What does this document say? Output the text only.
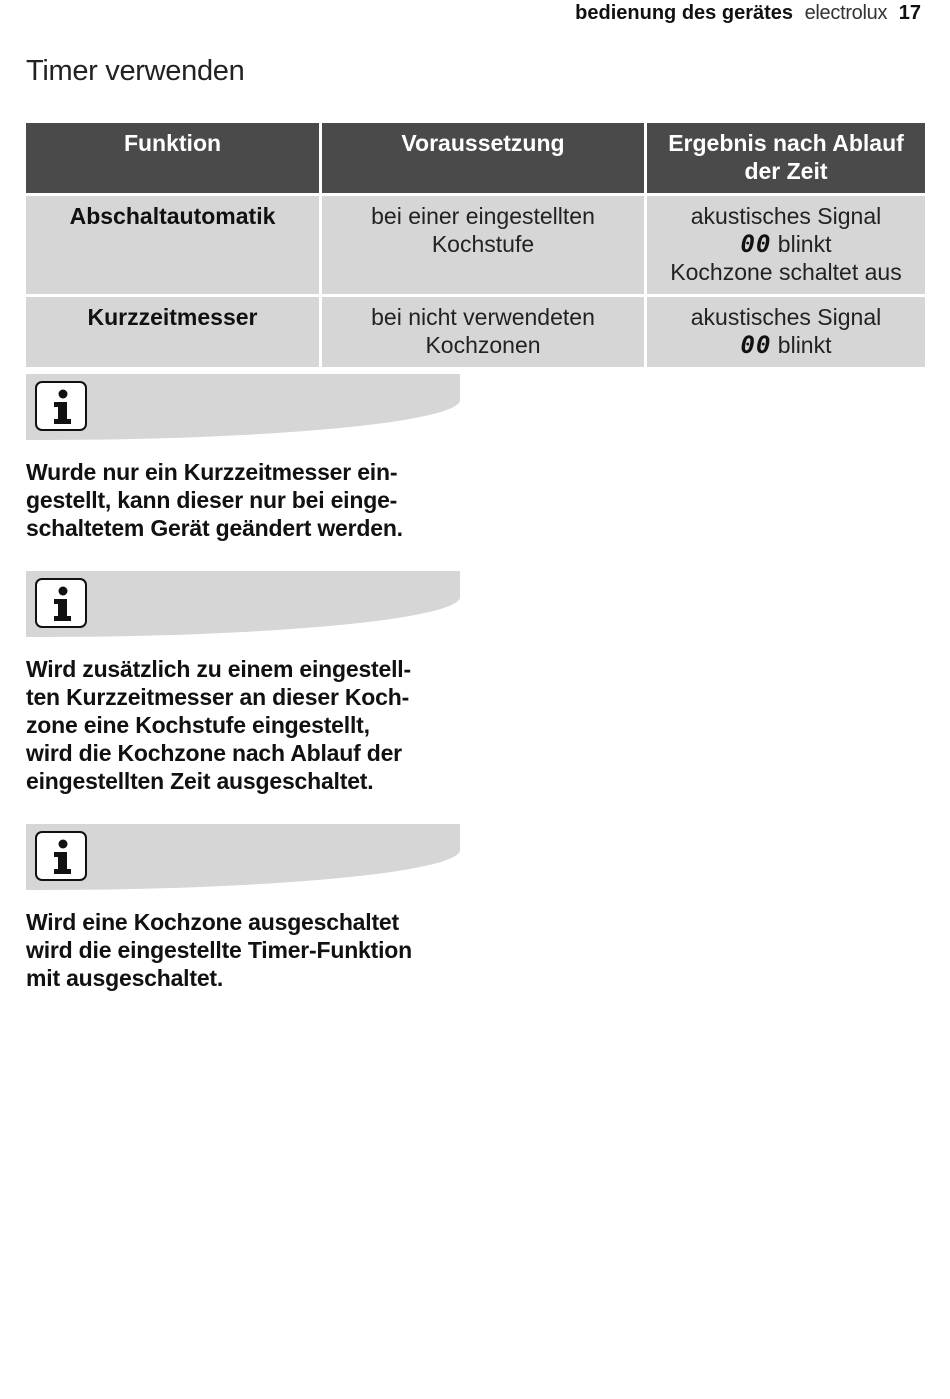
bedienung des gerätes electrolux 17
Timer verwenden
Funktion	Voraussetzung	Ergebnis nach Ablauf der Zeit
Abschaltautomatik	bei einer eingestellten Kochstufe	akustisches Signal
00 blinkt
Kochzone schaltet aus

Kurzzeitmesser	bei nicht verwendeten Kochzonen	akustisches Signal
00 blinkt

Wurde nur ein Kurzzeitmesser ein-
gestellt, kann dieser nur bei einge-
schaltetem Gerät geändert werden.

Wird zusätzlich zu einem eingestell-
ten Kurzzeitmesser an dieser Koch-
zone eine Kochstufe eingestellt,
wird die Kochzone nach Ablauf der
eingestellten Zeit ausgeschaltet.

Wird eine Kochzone ausgeschaltet
wird die eingestellte Timer-Funktion
mit ausgeschaltet.
